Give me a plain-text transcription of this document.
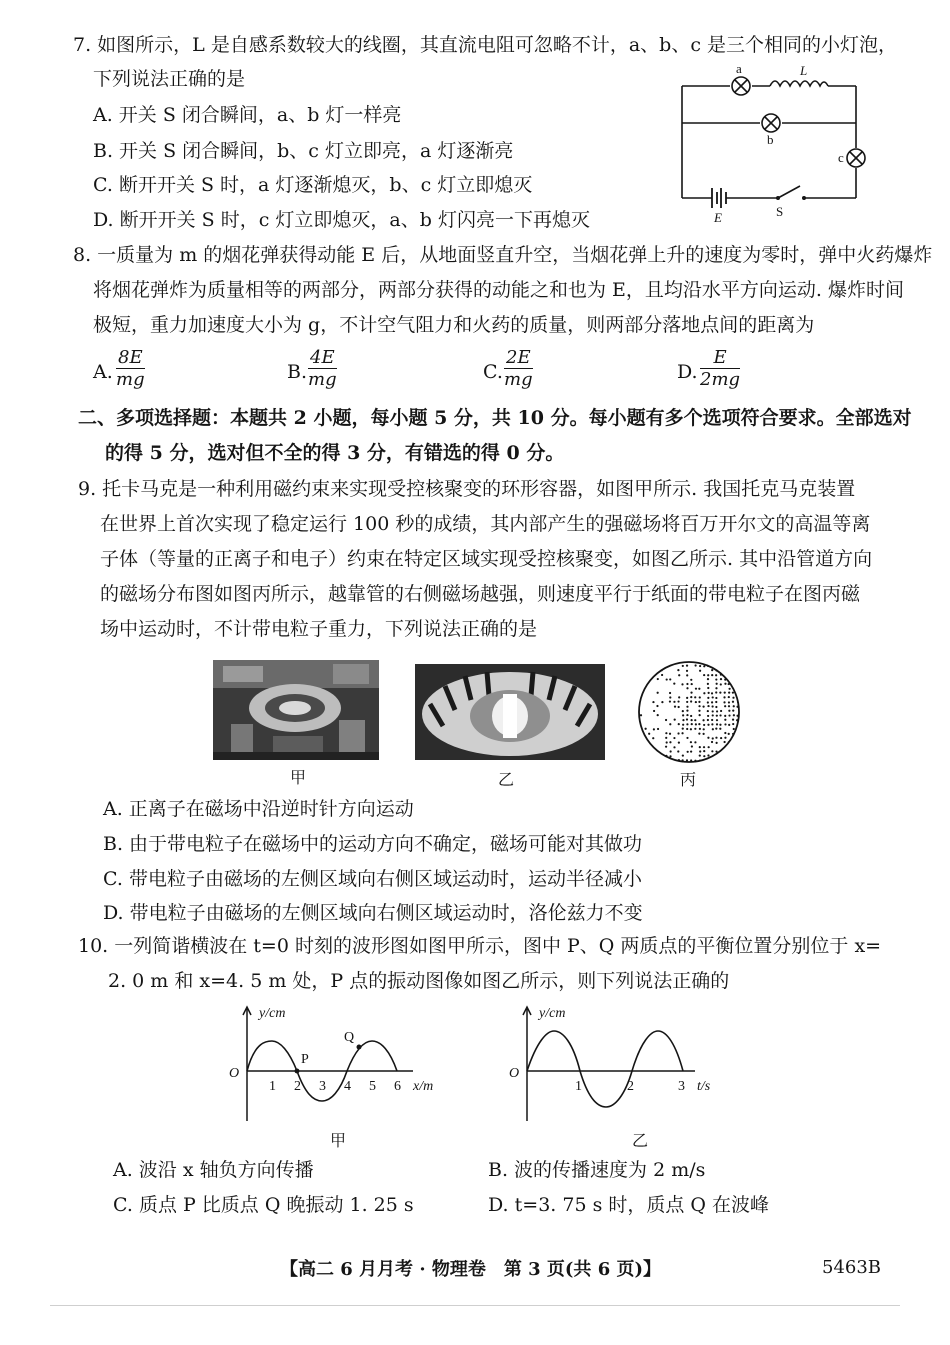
7. 如图所示，L 是自感系数较大的线圈，其直流电阻可忽略不计，a、b、c 是三个相同的小灯泡，
下列说法正确的是
A. 开关 S 闭合瞬间，a、b 灯一样亮
B. 开关 S 闭合瞬间，b、c 灯立即亮，a 灯逐渐亮
C. 断开开关 S 时，a 灯逐渐熄灭，b、c 灯立即熄灭
D. 断开开关 S 时，c 灯立即熄灭，a、b 灯闪亮一下再熄灭
a	L
b
c
E	S
8. 一质量为 m 的烟花弹获得动能 E 后，从地面竖直升空，当烟花弹上升的速度为零时，弹中火药爆炸
将烟花弹炸为质量相等的两部分，两部分获得的动能之和也为 E，且均沿水平方向运动. 爆炸时间
极短，重力加速度大小为 g，不计空气阻力和火药的质量，则两部分落地点间的距离为
A. $\frac{8E}{mg}$	B. $\frac{4E}{mg}$	C. $\frac{2E}{mg}$	D. $\frac{E}{2mg}$
二、多项选择题：本题共 2 小题，每小题 5 分，共 10 分。每小题有多个选项符合要求。全部选对
的得 5 分，选对但不全的得 3 分，有错选的得 0 分。
9. 托卡马克是一种利用磁约束来实现受控核聚变的环形容器，如图甲所示. 我国托克马克装置
在世界上首次实现了稳定运行 100 秒的成绩，其内部产生的强磁场将百万开尔文的高温等离
子体（等量的正离子和电子）约束在特定区域实现受控核聚变，如图乙所示. 其中沿管道方向
的磁场分布图如图丙所示，越靠管的右侧磁场越强，则速度平行于纸面的带电粒子在图丙磁
场中运动时，不计带电粒子重力，下列说法正确的是
甲	乙	丙
A. 正离子在磁场中沿逆时针方向运动
B. 由于带电粒子在磁场中的运动方向不确定，磁场可能对其做功
C. 带电粒子由磁场的左侧区域向右侧区域运动时，运动半径减小
D. 带电粒子由磁场的左侧区域向右侧区域运动时，洛伦兹力不变
10. 一列简谐横波在 t=0 时刻的波形图如图甲所示，图中 P、Q 两质点的平衡位置分别位于 x=
2. 0 m 和 x=4. 5 m 处，P 点的振动图像如图乙所示，则下列说法正确的
y/cm
O
1 2 3 4 5 6 x/m
P
Q
甲
y/cm
O
1	2	3 t/s
乙
A. 波沿 x 轴负方向传播	B. 波的传播速度为 2 m/s
C. 质点 P 比质点 Q 晚振动 1. 25 s	D. t=3. 75 s 时，质点 Q 在波峰
【高二 6 月月考 · 物理卷　第 3 页(共 6 页)】	5463B
